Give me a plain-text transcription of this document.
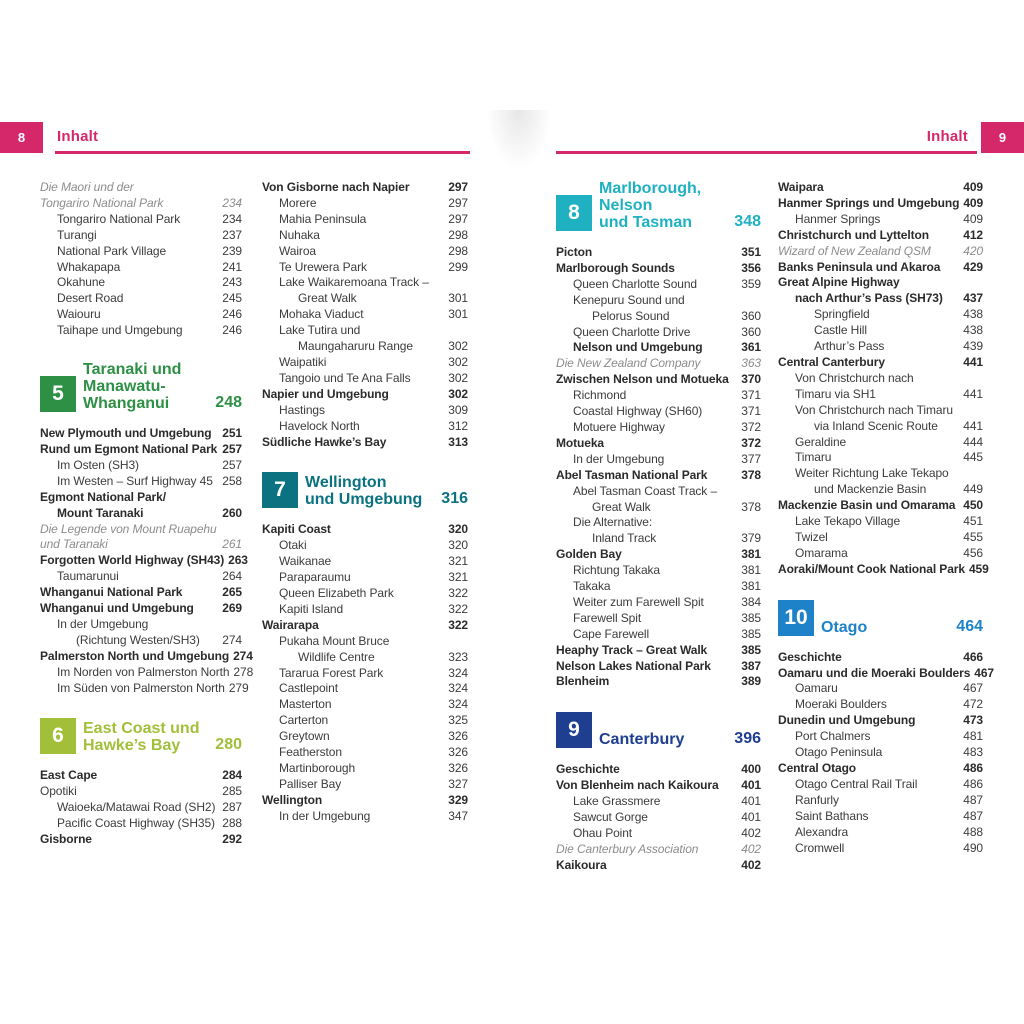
8 Inhalt	Inhalt 9
Die Maori und der
Tongariro National Park	234
Tongariro National Park	234
Turangi	237
National Park Village	239
Whakapapa	241
Okahune	243
Desert Road	245
Waiouru	246
Taihape und Umgebung	246
5
Taranaki und
Manawatu-
Whanganui	248
New Plymouth und Umgebung 251
Rund um Egmont National Park 257
Im Osten (SH3)	257
Im Westen – Surf Highway 45 258
Egmont National Park/
Mount Taranaki	260
Die Legende von Mount Ruapehu
und Taranaki	261
Forgotten World Highway (SH43) 263
Taumarunui	264
Whanganui National Park	265
Whanganui und Umgebung	269
In der Umgebung
(Richtung Westen/SH3)	274
Palmerston North und Umgebung 274
Im Norden von Palmerston North 278
Im Süden von Palmerston North 279
6	East Coast und
Hawke’s Bay	280
East Cape	284
Opotiki	285
Waioeka/Matawai Road (SH2) 287
Pacific Coast Highway (SH35) 288
Gisborne	292
Von Gisborne nach Napier	297
Morere	297
Mahia Peninsula	297
Nuhaka	298
Wairoa	298
Te Urewera Park	299
Lake Waikaremoana Track –
Great Walk	301
Mohaka Viaduct	301
Lake Tutira und
Maungaharuru Range	302
Waipatiki	302
Tangoio und Te Ana Falls	302
Napier und Umgebung	302
Hastings	309
Havelock North	312
Südliche Hawke’s Bay	313
7	Wellington
und Umgebung 316
Kapiti Coast	320
Otaki	320
Waikanae	321
Paraparaumu	321
Queen Elizabeth Park	322
Kapiti Island	322
Wairarapa	322
Pukaha Mount Bruce
Wildlife Centre	323
Tararua Forest Park	324
Castlepoint	324
Masterton	324
Carterton	325
Greytown	326
Featherston	326
Martinborough	326
Palliser Bay	327
Wellington	329
In der Umgebung	347
8
Marlborough, Nelson
und Tasman	348
Picton	351
Marlborough Sounds	356
Queen Charlotte Sound	359
Kenepuru Sound und
Pelorus Sound	360
Queen Charlotte Drive	360
Nelson und Umgebung	361
Die New Zealand Company	363
Zwischen Nelson und Motueka	370
Richmond	371
Coastal Highway (SH60)	371
Motuere Highway	372
Motueka	372
In der Umgebung	377
Abel Tasman National Park	378
Abel Tasman Coast Track –
Great Walk	378
Die Alternative:
Inland Track	379
Golden Bay	381
Richtung Takaka	381
Takaka	381
Weiter zum Farewell Spit	384
Farewell Spit	385
Cape Farewell	385
Heaphy Track – Great Walk	385
Nelson Lakes National Park	387
Blenheim	389
9	Canterbury	396
Geschichte	400
Von Blenheim nach Kaikoura	401
Lake Grassmere	401
Sawcut Gorge	401
Ohau Point	402
Die Canterbury Association	402
Kaikoura	402
Waipara	409
Hanmer Springs und Umgebung 409
Hanmer Springs	409
Christchurch und Lyttelton	412
Wizard of New Zealand QSM	420
Banks Peninsula und Akaroa	429
Great Alpine Highway
nach Arthur’s Pass (SH73)	437
Springfield	438
Castle Hill	438
Arthur’s Pass	439
Central Canterbury	441
Von Christchurch nach
Timaru via SH1	441
Von Christchurch nach Timaru
via Inland Scenic Route	441
Geraldine	444
Timaru	445
Weiter Richtung Lake Tekapo
und Mackenzie Basin	449
Mackenzie Basin und Omarama 450
Lake Tekapo Village	451
Twizel	455
Omarama	456
Aoraki/Mount Cook National Park 459
10 Otago	464
Geschichte	466
Oamaru und die Moeraki Boulders 467
Oamaru	467
Moeraki Boulders	472
Dunedin und Umgebung	473
Port Chalmers	481
Otago Peninsula	483
Central Otago	486
Otago Central Rail Trail	486
Ranfurly	487
Saint Bathans	487
Alexandra	488
Cromwell	490
